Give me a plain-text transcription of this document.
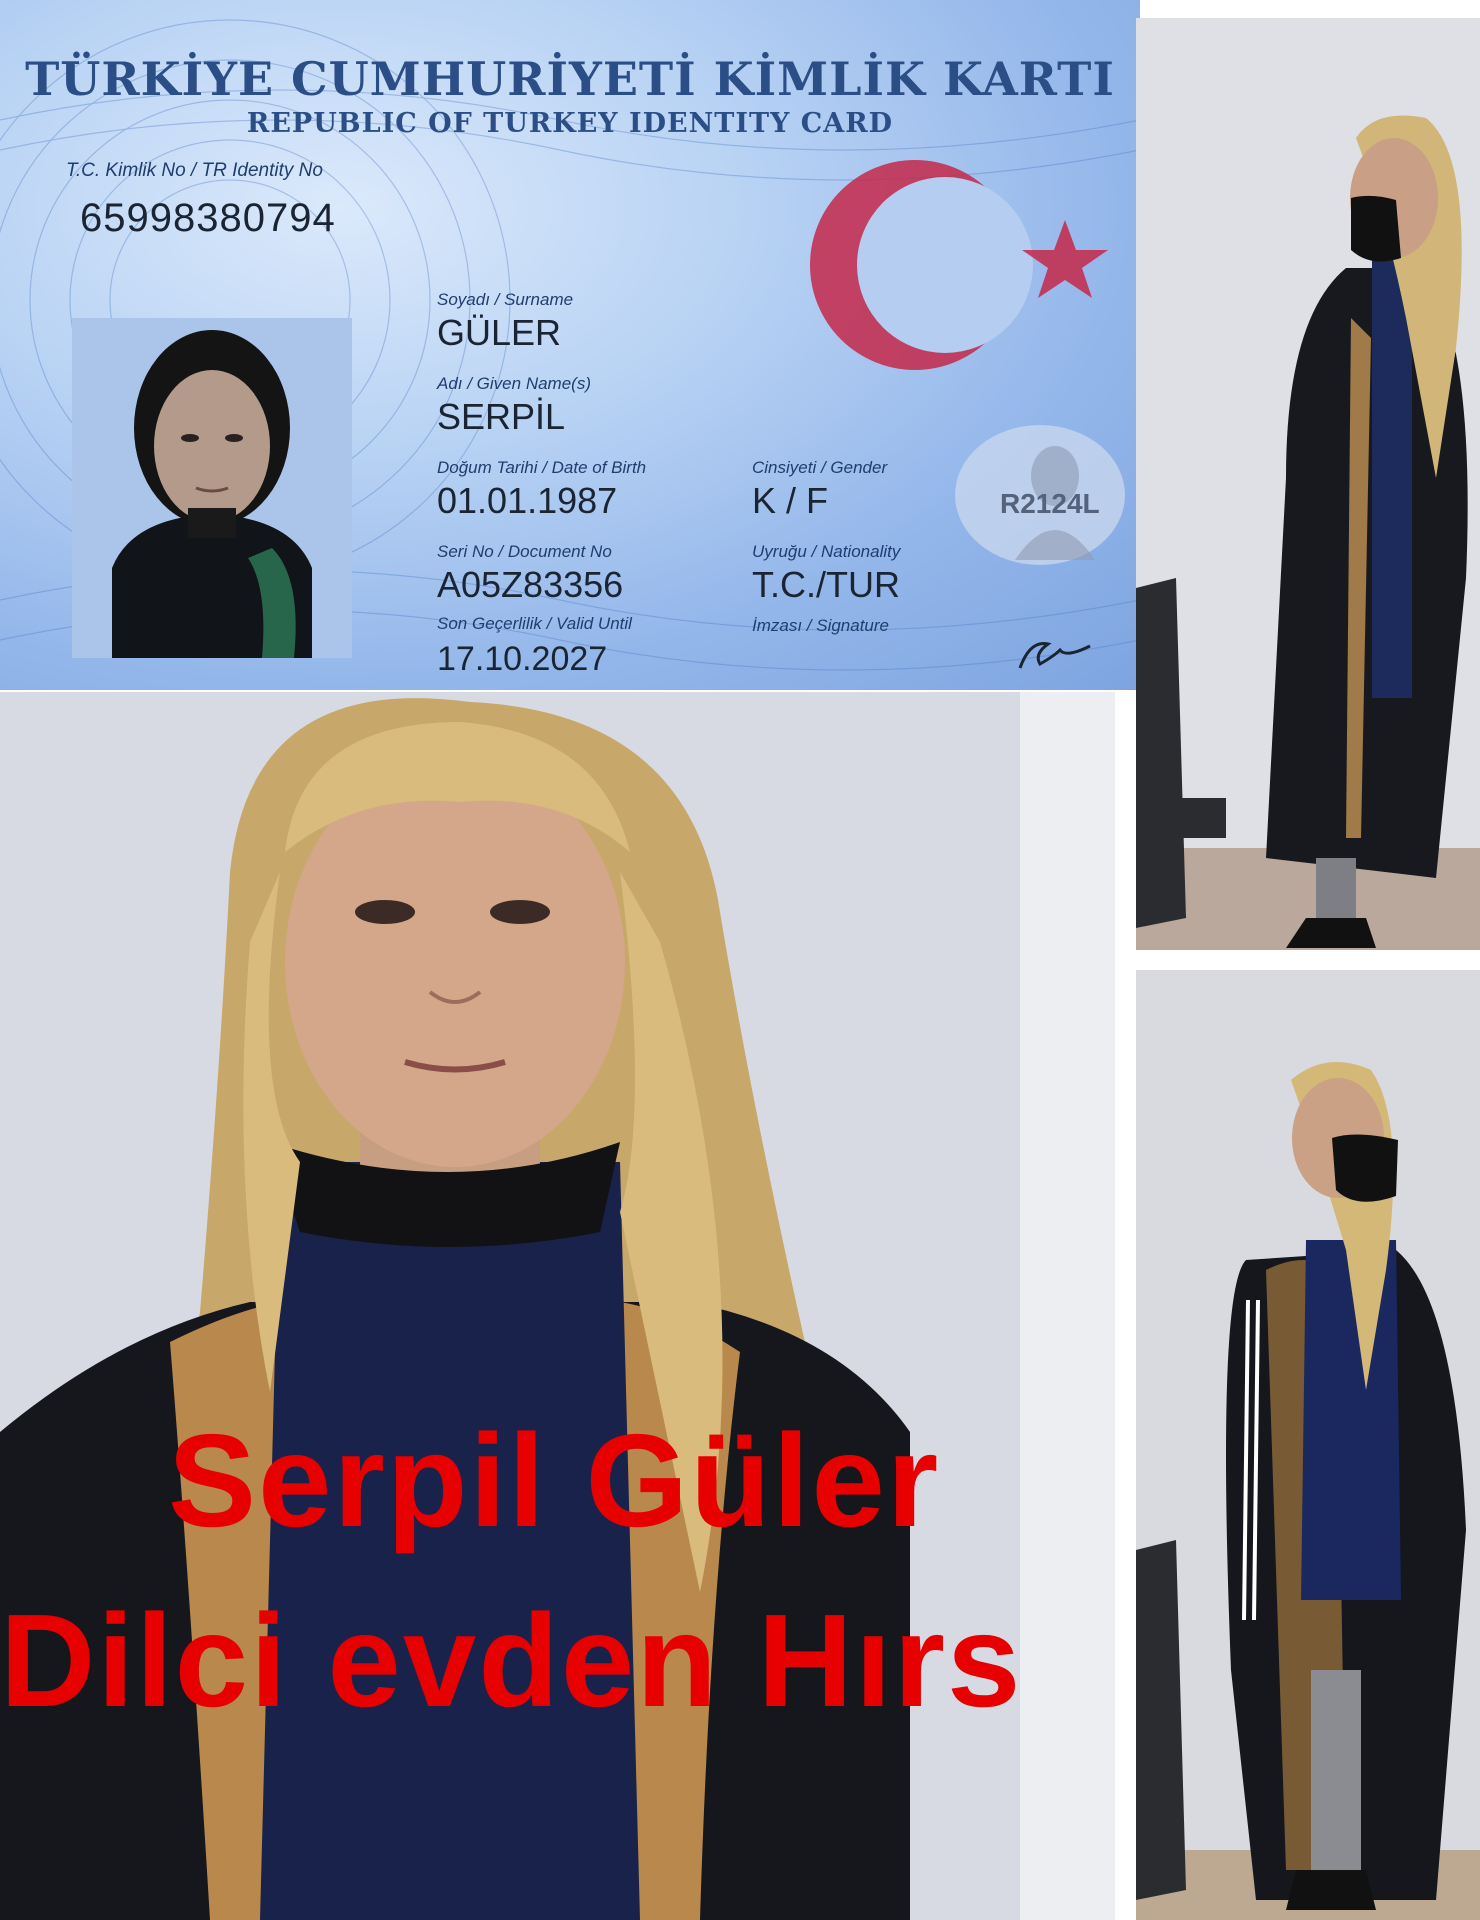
TÜRKİYE CUMHURİYETİ KİMLİK KARTI
REPUBLIC OF TURKEY IDENTITY CARD
T.C. Kimlik No / TR Identity No
65998380794
Soyadı / Surname
GÜLER
Adı / Given Name(s)
SERPİL
Doğum Tarihi / Date of Birth
01.01.1987
Cinsiyeti / Gender
K / F
Seri No / Document No
A05Z83356
Uyruğu / Nationality
T.C./TUR
Son Geçerlilik / Valid Until
17.10.2027
İmzası / Signature
R2124L
Serpil Güler
Dilci evden Hırs
